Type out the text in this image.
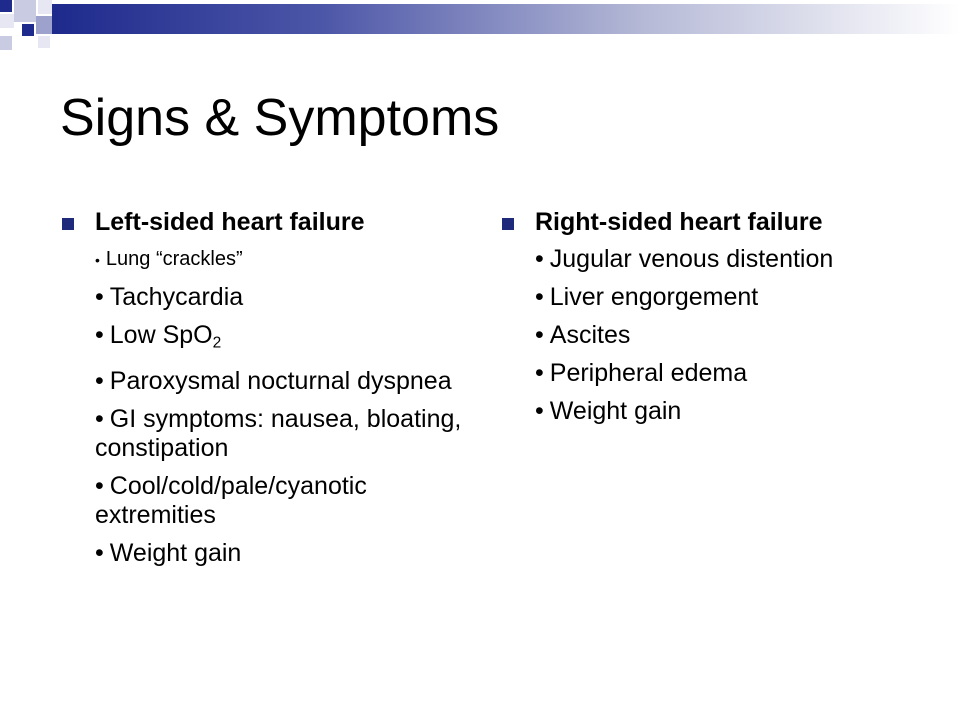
Signs & Symptoms
Left-sided heart failure
• Lung “crackles”
• Tachycardia
• Low SpO$_2$
• Paroxysmal nocturnal dyspnea
• GI symptoms: nausea, bloating, constipation
• Cool/cold/pale/cyanotic extremities
• Weight gain
Right-sided heart failure
• Jugular venous distention
• Liver engorgement
• Ascites
• Peripheral edema
• Weight gain
